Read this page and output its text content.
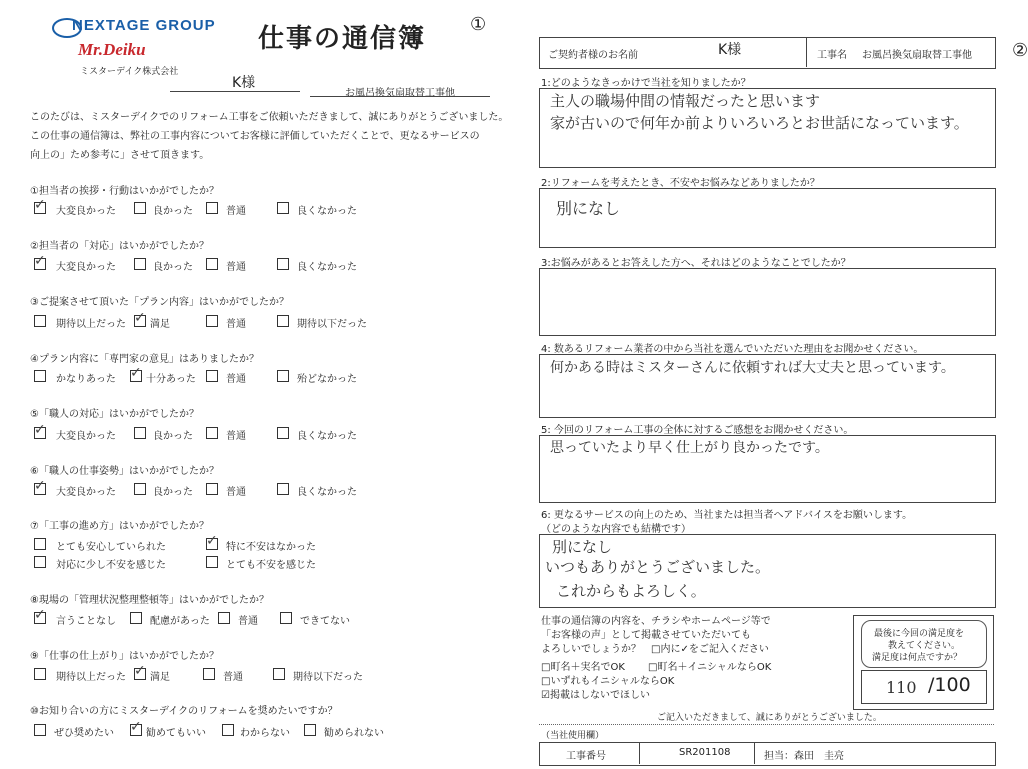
NEXTAGE GROUP
Mr.Deiku
ミスターデイク株式会社
仕事の通信簿 ①
K様
お風呂換気扇取替工事他
このたびは、ミスターデイクでのリフォーム工事をご依頼いただきまして、誠にありがとうございました。
この仕事の通信簿は、弊社の工事内容についてお客様に評価していただくことで、更なるサービスの
向上の」ため参考に」させて頂きます。
①担当者の挨拶・行動はいかがでしたか？
✓ 大変良かった	良かった	普通	良くなかった
②担当者の「対応」はいかがでしたか？
✓ 大変良かった	良かった	普通	良くなかった
③ご提案させて頂いた「プラン内容」はいかがでしたか？
期待以上だった ✓ 満足	普通	期待以下だった
④プラン内容に「専門家の意見」はありましたか？
かなりあった ✓ 十分あった	普通	殆どなかった
⑤「職人の対応」はいかがでしたか？
✓ 大変良かった	良かった	普通	良くなかった
⑥「職人の仕事姿勢」はいかがでしたか？
✓ 大変良かった	良かった	普通	良くなかった
⑦「工事の進め方」はいかがでしたか？
とても安心していられた	✓ 特に不安はなかった
対応に少し不安を感じた	とても不安を感じた
⑧現場の「管理状況整理整頓等」はいかがでしたか？
✓ 言うことなし	配慮があった	普通	できてない
⑨「仕事の仕上がり」はいかがでしたか？
期待以上だった ✓ 満足	普通	期待以下だった
⑩お知り合いの方にミスターデイクのリフォームを奨めたいですか？
ぜひ奨めたい ✓ 勧めてもいい	わからない	勧められない
②
ご契約者様のお名前	K様	工事名 お風呂換気扇取替工事他
1:どのようなきっかけで当社を知りましたか？
主人の職場仲間の情報だったと思います
家が古いので何年か前よりいろいろとお世話になっています。
2:リフォームを考えたとき、不安やお悩みなどありましたか？
別になし
3:お悩みがあるとお答えした方へ、それはどのようなことでしたか？
4: 数あるリフォーム業者の中から当社を選んでいただいた理由をお聞かせください。
何かある時はミスターさんに依頼すれば大丈夫と思っています。
5: 今回のリフォーム工事の全体に対するご感想をお聞かせください。
思っていたより早く仕上がり良かったです。
6: 更なるサービスの向上のため、当社または担当者へアドバイスをお願いします。
（どのような内容でも結構です）
別になし
いつもありがとうございました。
これからもよろしく。
仕事の通信簿の内容を、チラシやホームページ等で
「お客様の声」として掲載させていただいても
よろしいでしょうか？　□内に✓をご記入ください
□町名＋実名でOK □町名＋イニシャルならOK
□いずれもイニシャルならOK
☑掲載はしないでほしい
最後に今回の満足度を
教えてください。
満足度は何点ですか？
110 /100
ご記入いただきまして、誠にありがとうございました。
（当社使用欄）
工事番号	SR201108	担当：森田　圭亮
